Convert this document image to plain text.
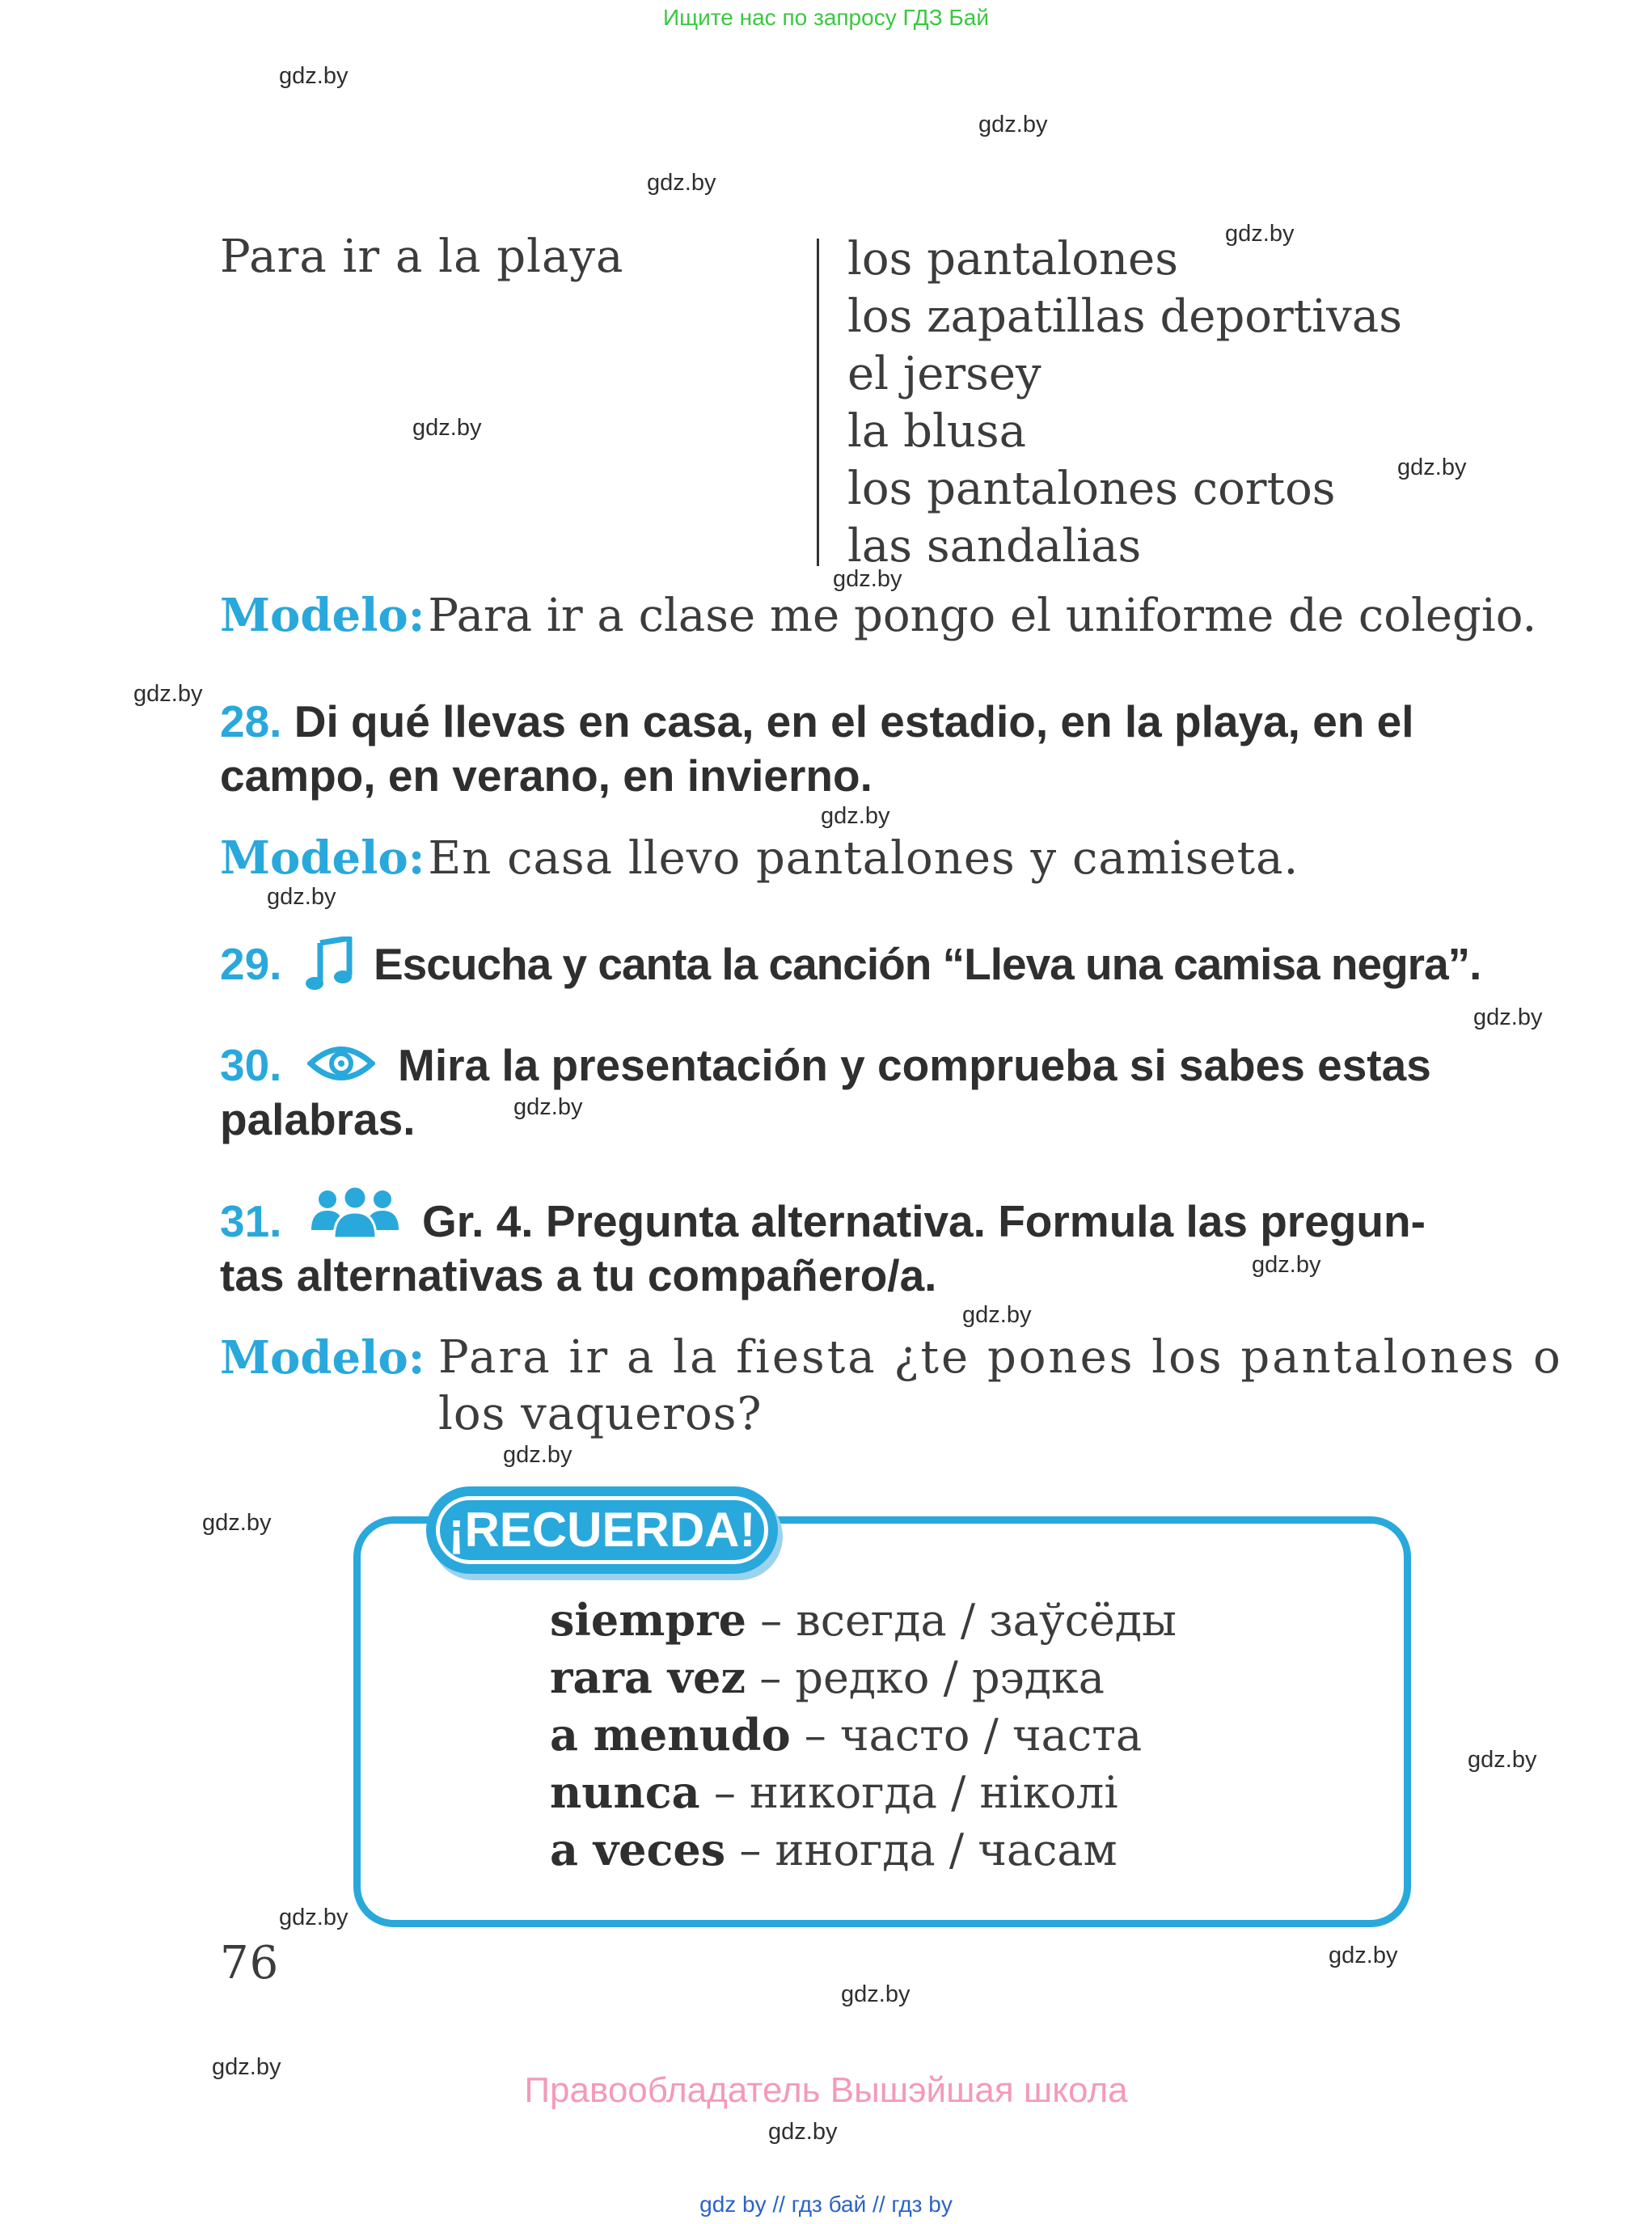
Ищите нас по запросу ГДЗ Бай
gdz.by
gdz.by
gdz.by
gdz.by
gdz.by
gdz.by
gdz.by
gdz.by
gdz.by
gdz.by
gdz.by
gdz.by
gdz.by
gdz.by
gdz.by
gdz.by
gdz.by
gdz.by
gdz.by
gdz.by
gdz.by
gdz.by
Para ir a la playa	los pantalones
los zapatillas deportivas
el jersey
la blusa
los pantalones cortos
las sandalias
Modelo: Para ir a clase me pongo el uniforme de colegio.
28. Di qué llevas en casa, en el estadio, en la playa, en el
campo, en verano, en invierno.
Modelo: En casa llevo pantalones y camiseta.
29. Escucha y canta la canción “Lleva una camisa negra”.
30.	Mira la presentación y comprueba si sabes estas
palabras.
31.	Gr. 4. Pregunta alternativa. Formula las pregun-
tas alternativas a tu compañero/a.
Modelo: Para ir a la fiesta ¿te pones los pantalones o
los vaqueros?
¡RECUERDA!
siempre – всегда / заўсёды
rara vez – редко / рэдка
a menudo – часто / часта
nunca – никогда / ніколі
a veces – иногда / часам
76
Правообладатель Вышэйшая школа
gdz by // гдз бай // гдз by
